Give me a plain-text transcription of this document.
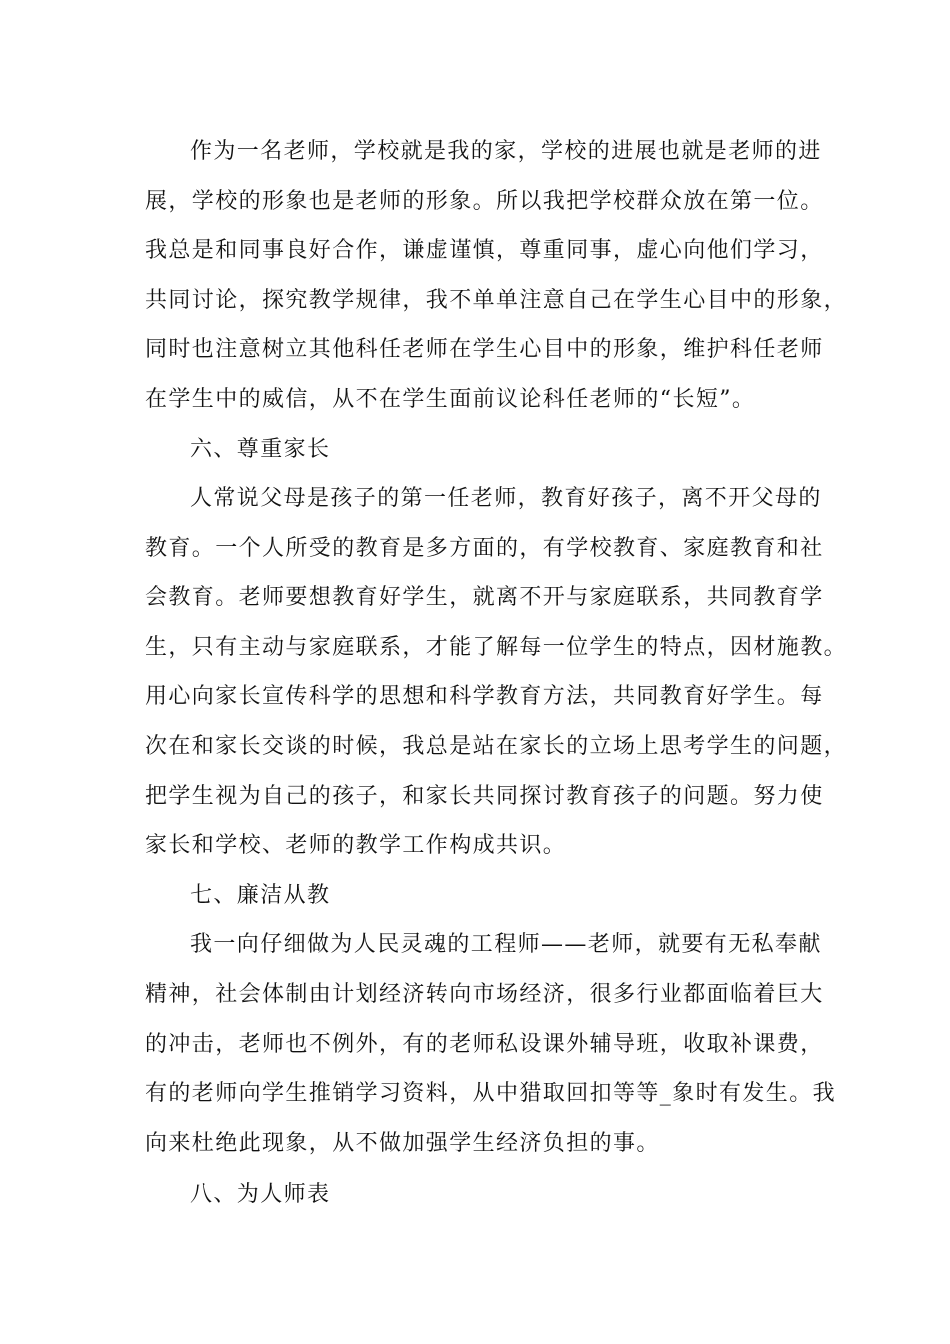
作为一名老师，学校就是我的家，学校的进展也就是老师的进
展，学校的形象也是老师的形象。所以我把学校群众放在第一位。
我总是和同事良好合作，谦虚谨慎，尊重同事，虚心向他们学习，
共同讨论，探究教学规律，我不单单注意自己在学生心目中的形象，
同时也注意树立其他科任老师在学生心目中的形象，维护科任老师
在学生中的威信，从不在学生面前议论科任老师的“长短”。
六、尊重家长
人常说父母是孩子的第一任老师，教育好孩子，离不开父母的
教育。一个人所受的教育是多方面的，有学校教育、家庭教育和社
会教育。老师要想教育好学生，就离不开与家庭联系，共同教育学
生，只有主动与家庭联系，才能了解每一位学生的特点，因材施教。
用心向家长宣传科学的思想和科学教育方法，共同教育好学生。每
次在和家长交谈的时候，我总是站在家长的立场上思考学生的问题，
把学生视为自己的孩子，和家长共同探讨教育孩子的问题。努力使
家长和学校、老师的教学工作构成共识。
七、廉洁从教
我一向仔细做为人民灵魂的工程师——老师，就要有无私奉献
精神，社会体制由计划经济转向市场经济，很多行业都面临着巨大
的冲击，老师也不例外，有的老师私设课外辅导班，收取补课费，
有的老师向学生推销学习资料，从中猎取回扣等等_象时有发生。我
向来杜绝此现象，从不做加强学生经济负担的事。
八、为人师表
